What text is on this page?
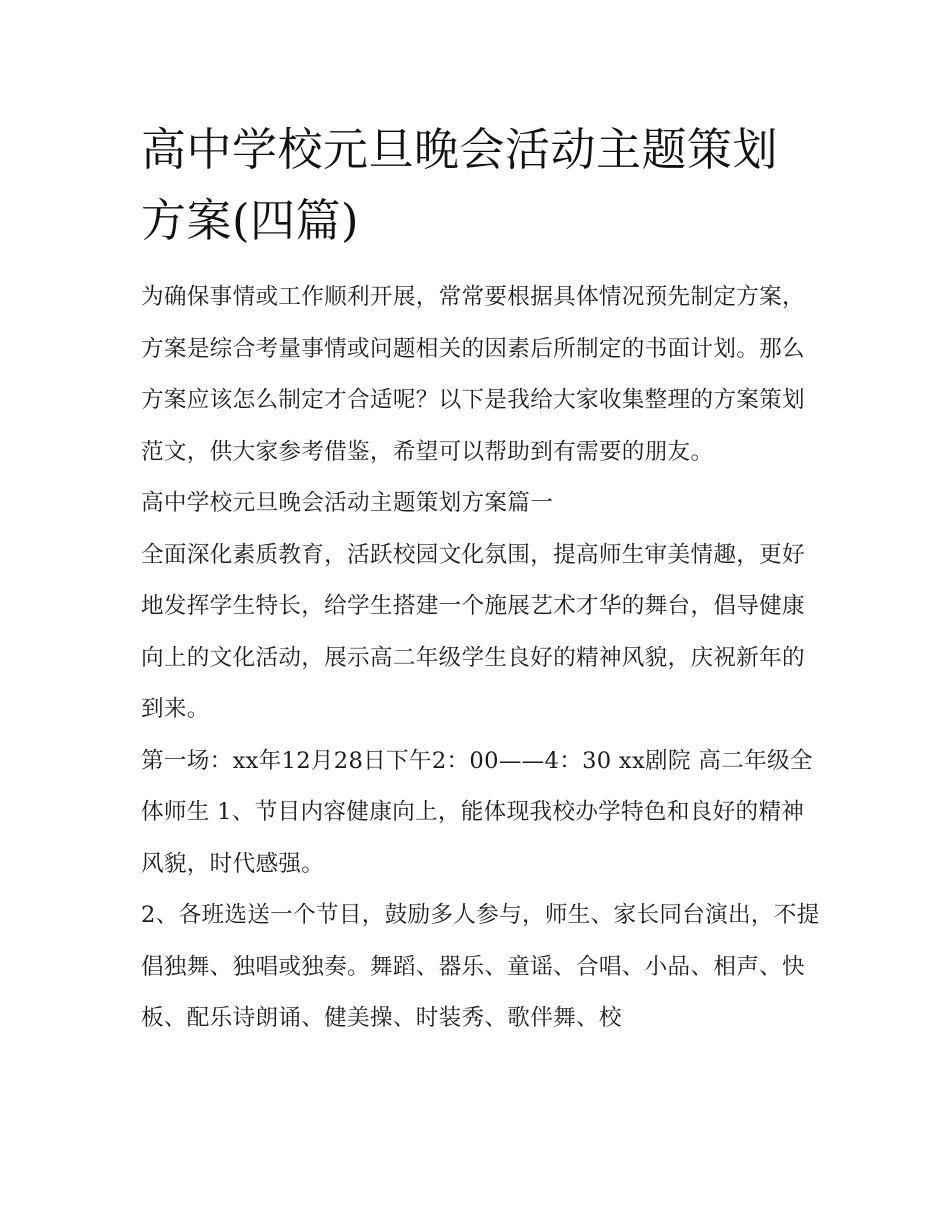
高中学校元旦晚会活动主题策划方案(四篇)

为确保事情或工作顺利开展，常常要根据具体情况预先制定方案，方案是综合考量事情或问题相关的因素后所制定的书面计划。那么方案应该怎么制定才合适呢？以下是我给大家收集整理的方案策划范文，供大家参考借鉴，希望可以帮助到有需要的朋友。

高中学校元旦晚会活动主题策划方案篇一

全面深化素质教育，活跃校园文化氛围，提高师生审美情趣，更好地发挥学生特长，给学生搭建一个施展艺术才华的舞台，倡导健康向上的文化活动，展示高二年级学生良好的精神风貌，庆祝新年的到来。

第一场：xx年12月28日下午2：00——4：30 xx剧院 高二年级全体师生 1、节目内容健康向上，能体现我校办学特色和良好的精神风貌，时代感强。

2、各班选送一个节目，鼓励多人参与，师生、家长同台演出，不提倡独舞、独唱或独奏。舞蹈、器乐、童谣、合唱、小品、相声、快板、配乐诗朗诵、健美操、时装秀、歌伴舞、校
